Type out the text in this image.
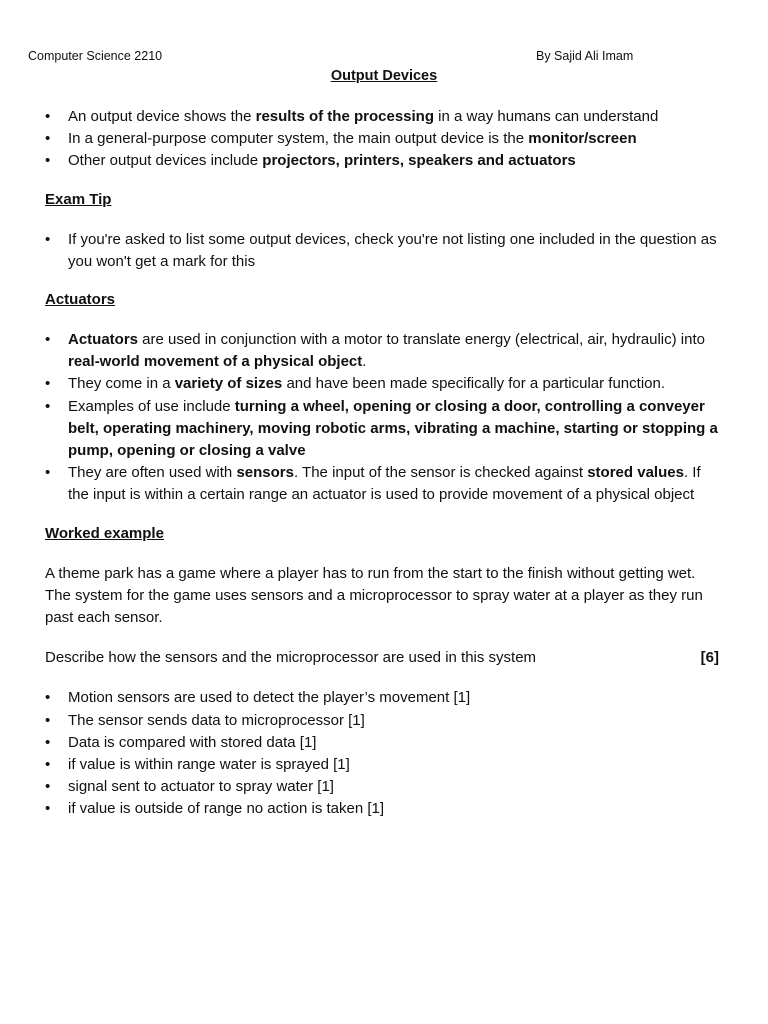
Computer Science 2210	By Sajid Ali Imam
Output Devices
• An output device shows the results of the processing in a way humans can understand
• In a general-purpose computer system, the main output device is the monitor/screen
• Other output devices include projectors, printers, speakers and actuators
Exam Tip
• If you're asked to list some output devices, check you're not listing one included in the question as you won't get a mark for this
Actuators
• Actuators are used in conjunction with a motor to translate energy (electrical, air, hydraulic) into real-world movement of a physical object.
• They come in a variety of sizes and have been made specifically for a particular function.
• Examples of use include turning a wheel, opening or closing a door, controlling a conveyer belt, operating machinery, moving robotic arms, vibrating a machine, starting or stopping a pump, opening or closing a valve
• They are often used with sensors. The input of the sensor is checked against stored values. If the input is within a certain range an actuator is used to provide movement of a physical object
Worked example

A theme park has a game where a player has to run from the start to the finish without getting wet. The system for the game uses sensors and a microprocessor to spray water at a player as they run past each sensor.

Describe how the sensors and the microprocessor are used in this system	[6]
• Motion sensors are used to detect the player’s movement [1]
• The sensor sends data to microprocessor [1]
• Data is compared with stored data [1]
• if value is within range water is sprayed [1]
• signal sent to actuator to spray water [1]
• if value is outside of range no action is taken [1]
